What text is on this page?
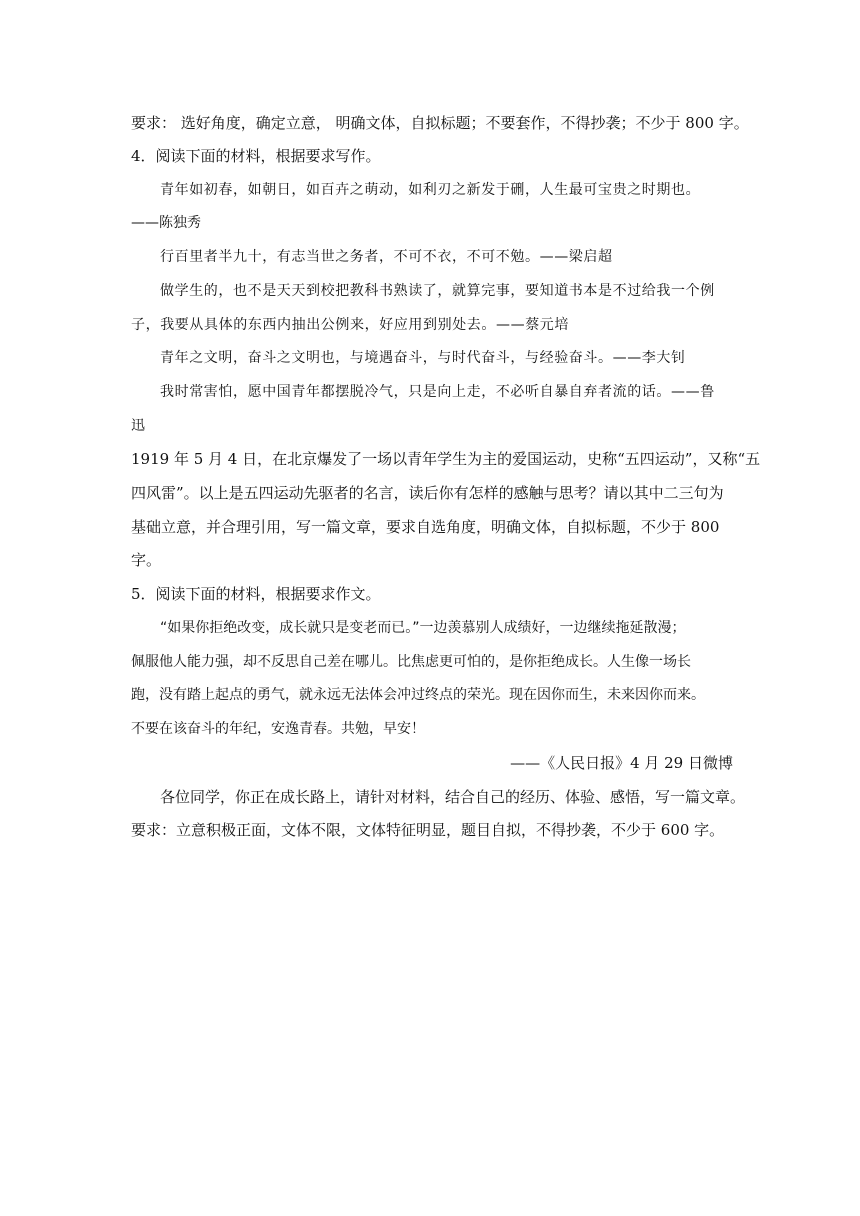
要求： 选好角度，确定立意， 明确文体，自拟标题；不要套作，不得抄袭；不少于 800 字。
4．阅读下面的材料，根据要求写作。
青年如初春，如朝日，如百卉之萌动，如利刃之新发于硎，人生最可宝贵之时期也。
——陈独秀
行百里者半九十，有志当世之务者，不可不衣，不可不勉。——梁启超
做学生的，也不是天天到校把教科书熟读了，就算完事，要知道书本是不过给我一个例
子，我要从具体的东西内抽出公例来，好应用到别处去。——蔡元培
青年之文明，奋斗之文明也，与境遇奋斗，与时代奋斗，与经验奋斗。——李大钊
我时常害怕，愿中国青年都摆脱冷气，只是向上走，不必听自暴自弃者流的话。——鲁
迅
1919 年 5 月 4 日，在北京爆发了一场以青年学生为主的爱国运动，史称“五四运动”，又称“五
四风雷”。以上是五四运动先驱者的名言，读后你有怎样的感触与思考？请以其中二三句为
基础立意，并合理引用，写一篇文章，要求自选角度，明确文体，自拟标题，不少于 800
字。
5．阅读下面的材料，根据要求作文。
“如果你拒绝改变，成长就只是变老而已。”一边羡慕别人成绩好，一边继续拖延散漫；
佩服他人能力强，却不反思自己差在哪儿。比焦虑更可怕的，是你拒绝成长。人生像一场长
跑，没有踏上起点的勇气，就永远无法体会冲过终点的荣光。现在因你而生，未来因你而来。
不要在该奋斗的年纪，安逸青春。共勉，早安！
——《人民日报》4 月 29 日微博
各位同学，你正在成长路上，请针对材料，结合自己的经历、体验、感悟，写一篇文章。
要求：立意积极正面，文体不限，文体特征明显，题目自拟，不得抄袭，不少于 600 字。
